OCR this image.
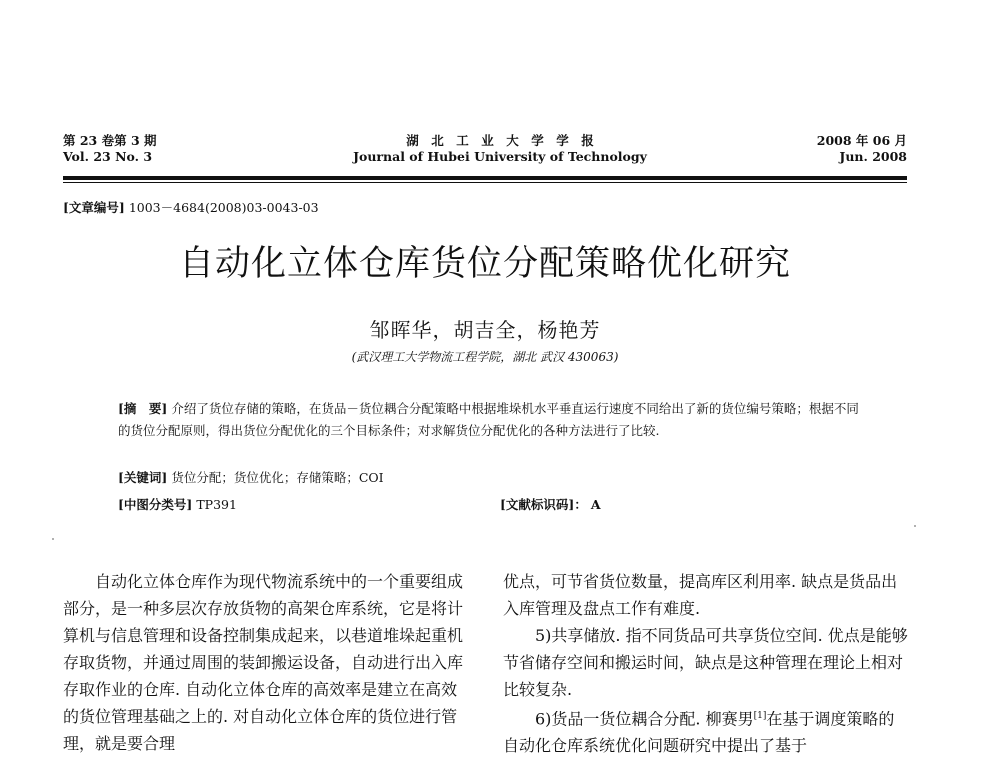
第 23 卷第 3 期
Vol. 23 No. 3
湖　北　工　业　大　学　学　报
Journal of Hubei University of Technology
2008 年 06 月
Jun. 2008
[文章编号] 1003－4684(2008)03-0043-03
自动化立体仓库货位分配策略优化研究
邹晖华，胡吉全，杨艳芳
(武汉理工大学物流工程学院，湖北 武汉 430063)
[摘　要] 介绍了货位存储的策略，在货品－货位耦合分配策略中根据堆垛机水平垂直运行速度不同给出了新的货位编号策略；根据不同的货位分配原则，得出货位分配优化的三个目标条件；对求解货位分配优化的各种方法进行了比较.
[关键词] 货位分配；货位优化；存储策略；COI
[中图分类号] TP391	[文献标识码]： A

自动化立体仓库作为现代物流系统中的一个重要组成部分，是一种多层次存放货物的高架仓库系统，它是将计算机与信息管理和设备控制集成起来，以巷道堆垛起重机存取货物，并通过周围的装卸搬运设备，自动进行出入库存取作业的仓库. 自动化立体仓库的高效率是建立在高效的货位管理基础之上的. 对自动化立体仓库的货位进行管理，就是要合理

优点，可节省货位数量，提高库区利用率. 缺点是货品出入库管理及盘点工作有难度.

5)共享储放. 指不同货品可共享货位空间. 优点是能够节省储存空间和搬运时间，缺点是这种管理在理论上相对比较复杂.

6)货品一货位耦合分配. 柳赛男[1]在基于调度策略的自动化仓库系统优化问题研究中提出了基于
